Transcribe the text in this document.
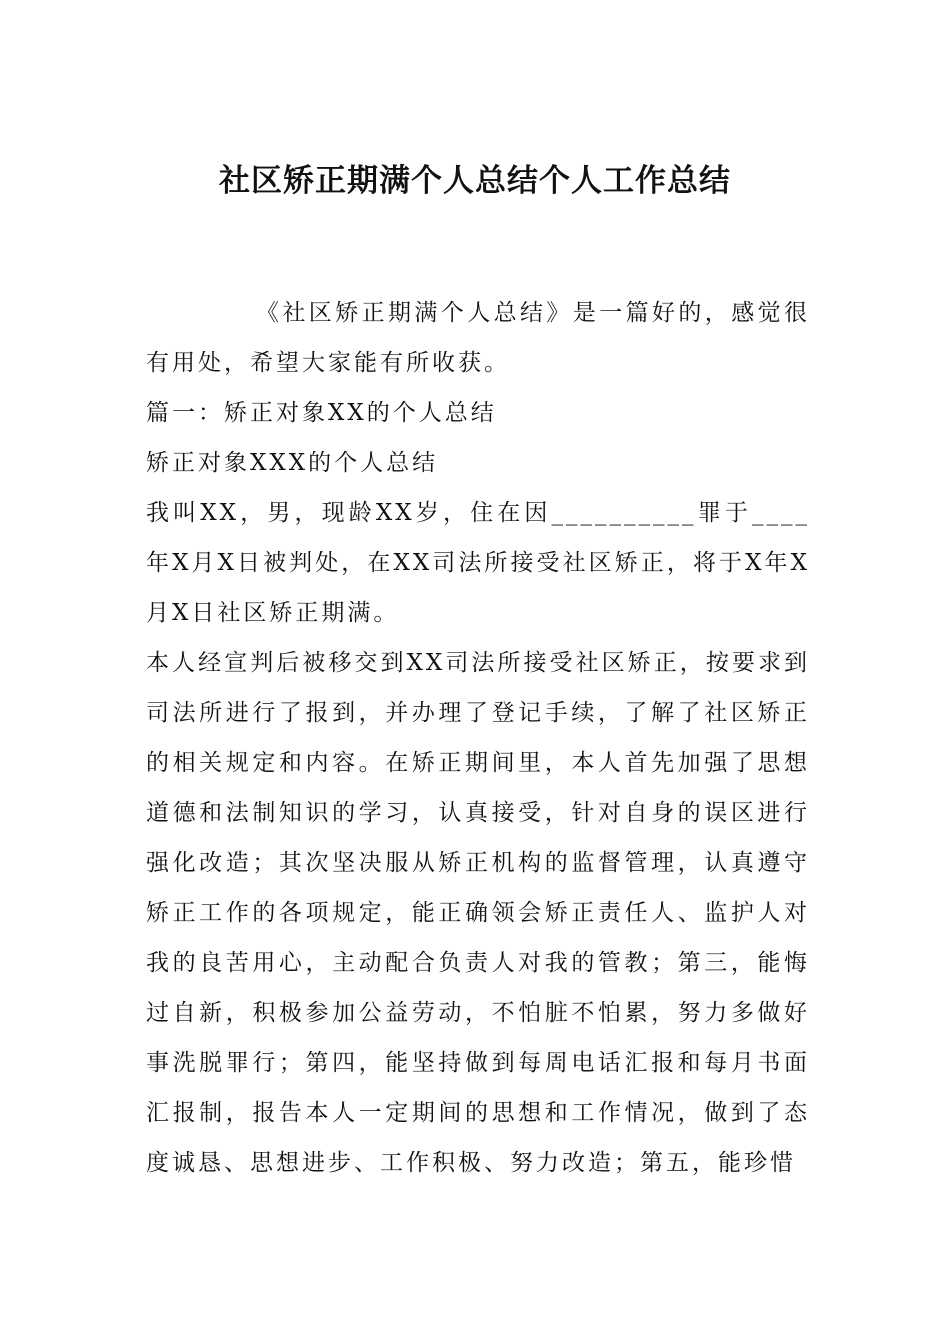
社区矫正期满个人总结个人工作总结

《社区矫正期满个人总结》是一篇好的，感觉很有用处，希望大家能有所收获。

篇一：矫正对象XX的个人总结

矫正对象XXX的个人总结

我叫XX，男，现龄XX岁，住在因__________罪于____年X月X日被判处，在XX司法所接受社区矫正，将于X年X月X日社区矫正期满。

本人经宣判后被移交到XX司法所接受社区矫正，按要求到司法所进行了报到，并办理了登记手续，了解了社区矫正的相关规定和内容。在矫正期间里，本人首先加强了思想道德和法制知识的学习，认真接受，针对自身的误区进行强化改造；其次坚决服从矫正机构的监督管理，认真遵守矫正工作的各项规定，能正确领会矫正责任人、监护人对我的良苦用心，主动配合负责人对我的管教；第三，能悔过自新，积极参加公益劳动，不怕脏不怕累，努力多做好事洗脱罪行；第四，能坚持做到每周电话汇报和每月书面汇报制，报告本人一定期间的思想和工作情况，做到了态度诚恳、思想进步、工作积极、努力改造；第五，能珍惜
